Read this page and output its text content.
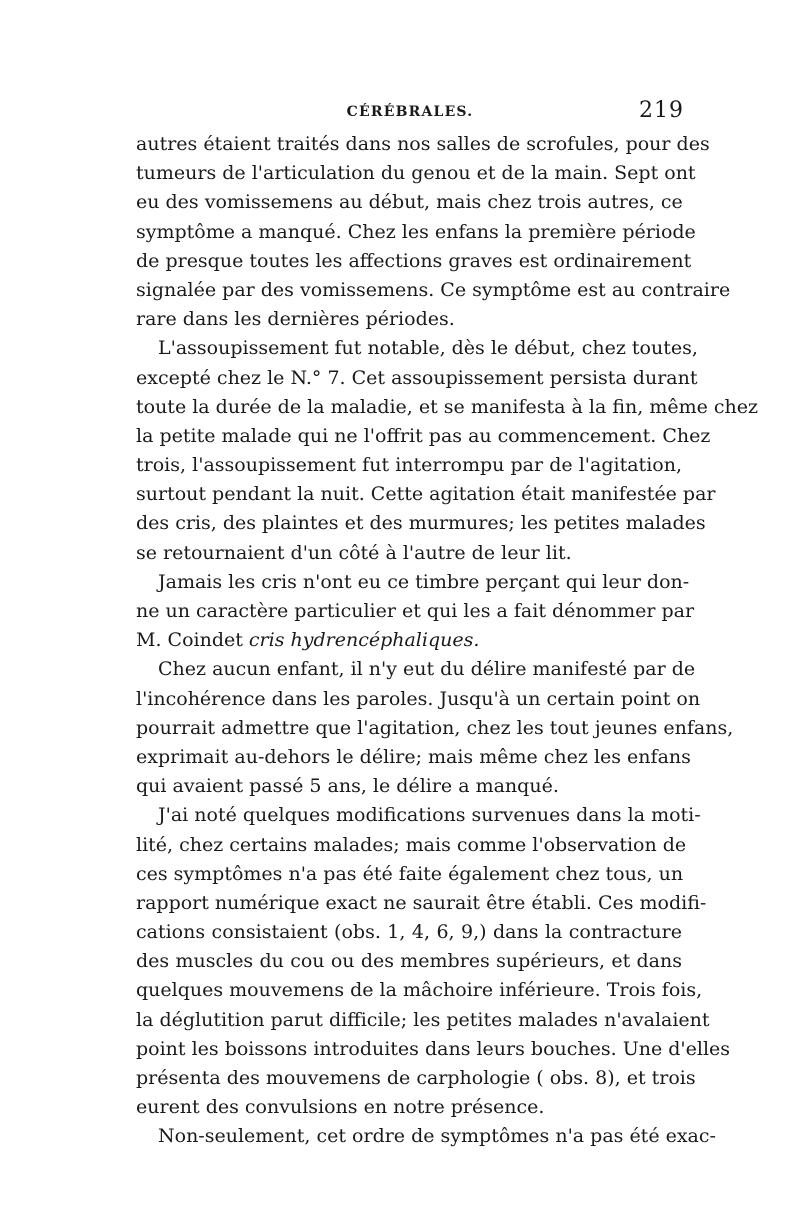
CÉRÉBRALES.	219
autres étaient traités dans nos salles de scrofules, pour des
tumeurs de l'articulation du genou et de la main. Sept ont
eu des vomissemens au début, mais chez trois autres, ce
symptôme a manqué. Chez les enfans la première période
de presque toutes les affections graves est ordinairement
signalée par des vomissemens. Ce symptôme est au contraire
rare dans les dernières périodes.
L'assoupissement fut notable, dès le début, chez toutes,
excepté chez le N.° 7. Cet assoupissement persista durant
toute la durée de la maladie, et se manifesta à la fin, même chez
la petite malade qui ne l'offrit pas au commencement. Chez
trois, l'assoupissement fut interrompu par de l'agitation,
surtout pendant la nuit. Cette agitation était manifestée par
des cris, des plaintes et des murmures; les petites malades
se retournaient d'un côté à l'autre de leur lit.
Jamais les cris n'ont eu ce timbre perçant qui leur don-
ne un caractère particulier et qui les a fait dénommer par
M. Coindet cris hydrencéphaliques.
Chez aucun enfant, il n'y eut du délire manifesté par de
l'incohérence dans les paroles. Jusqu'à un certain point on
pourrait admettre que l'agitation, chez les tout jeunes enfans,
exprimait au-dehors le délire; mais même chez les enfans
qui avaient passé 5 ans, le délire a manqué.
J'ai noté quelques modifications survenues dans la moti-
lité, chez certains malades; mais comme l'observation de
ces symptômes n'a pas été faite également chez tous, un
rapport numérique exact ne saurait être établi. Ces modifi-
cations consistaient (obs. 1, 4, 6, 9,) dans la contracture
des muscles du cou ou des membres supérieurs, et dans
quelques mouvemens de la mâchoire inférieure. Trois fois,
la déglutition parut difficile; les petites malades n'avalaient
point les boissons introduites dans leurs bouches. Une d'elles
présenta des mouvemens de carphologie ( obs. 8), et trois
eurent des convulsions en notre présence.
Non-seulement, cet ordre de symptômes n'a pas été exac-
